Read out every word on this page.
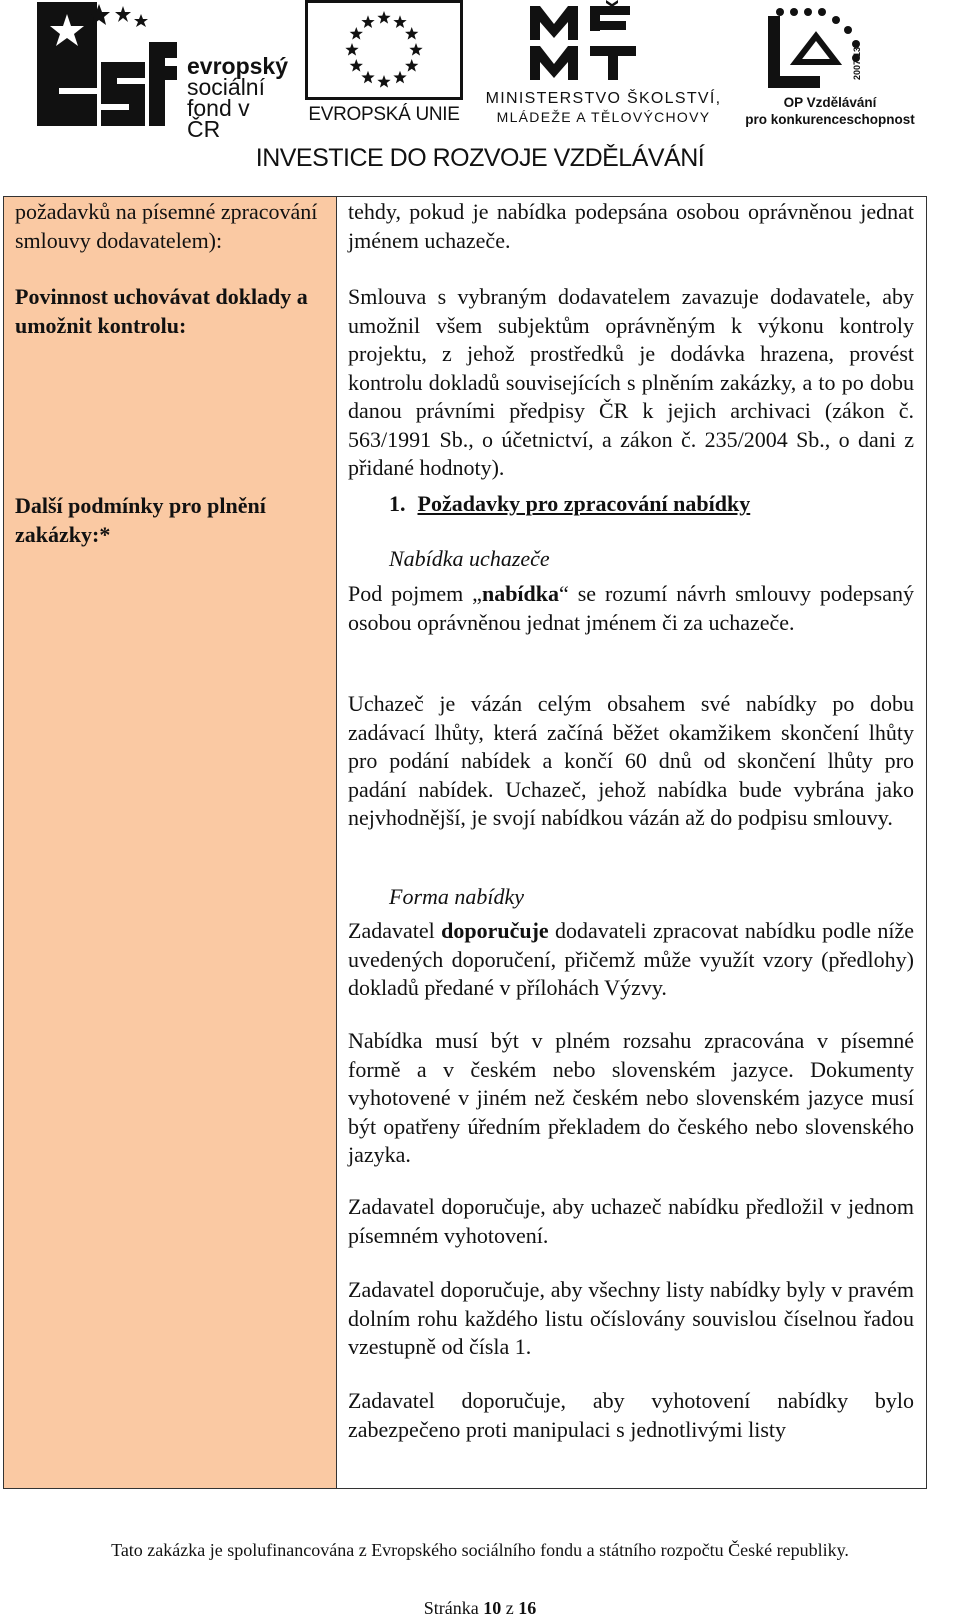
evropský
sociální
fond v ČR
EVROPSKÁ UNIE
MINISTERSTVO ŠKOLSTVÍ,
MLÁDEŽE A TĚLOVÝCHOVY
2007-13
OP Vzdělávání
pro konkurenceschopnost
INVESTICE DO ROZVOJE VZDĚLÁVÁNÍ
požadavků na písemné zpracování smlouvy dodavatelem):
Povinnost uchovávat doklady a umožnit kontrolu:
Další podmínky pro plnění zakázky:*
tehdy, pokud je nabídka podepsána osobou oprávněnou jednat jménem uchazeče.
Smlouva s vybraným dodavatelem zavazuje dodavatele, aby umožnil všem subjektům oprávněným k výkonu kontroly projektu, z jehož prostředků je dodávka hrazena, provést kontrolu dokladů souvisejících s plněním zakázky, a to po dobu danou právními předpisy ČR k jejich archivaci (zákon č. 563/1991 Sb., o účetnictví, a zákon č. 235/2004 Sb., o dani z přidané hodnoty).
1. Požadavky pro zpracování nabídky
Nabídka uchazeče
Pod pojmem „nabídka“ se rozumí návrh smlouvy podepsaný osobou oprávněnou jednat jménem či za uchazeče.
Uchazeč je vázán celým obsahem své nabídky po dobu zadávací lhůty, která začíná běžet okamžikem skončení lhůty pro podání nabídek a končí 60 dnů od skončení lhůty pro padání nabídek. Uchazeč, jehož nabídka bude vybrána jako nejvhodnější, je svojí nabídkou vázán až do podpisu smlouvy.
Forma nabídky
Zadavatel doporučuje dodavateli zpracovat nabídku podle níže uvedených doporučení, přičemž může využít vzory (předlohy) dokladů předané v přílohách Výzvy.
Nabídka musí být v plném rozsahu zpracována v písemné formě a v českém nebo slovenském jazyce. Dokumenty vyhotovené v jiném než českém nebo slovenském jazyce musí být opatřeny úředním překladem do českého nebo slovenského jazyka.
Zadavatel doporučuje, aby uchazeč nabídku předložil v jednom písemném vyhotovení.
Zadavatel doporučuje, aby všechny listy nabídky byly v pravém dolním rohu každého listu očíslovány souvislou číselnou řadou vzestupně od čísla 1.
Zadavatel doporučuje, aby vyhotovení nabídky bylo zabezpečeno proti manipulaci s jednotlivými listy
Tato zakázka je spolufinancována z Evropského sociálního fondu a státního rozpočtu České republiky.
Stránka 10 z 16
